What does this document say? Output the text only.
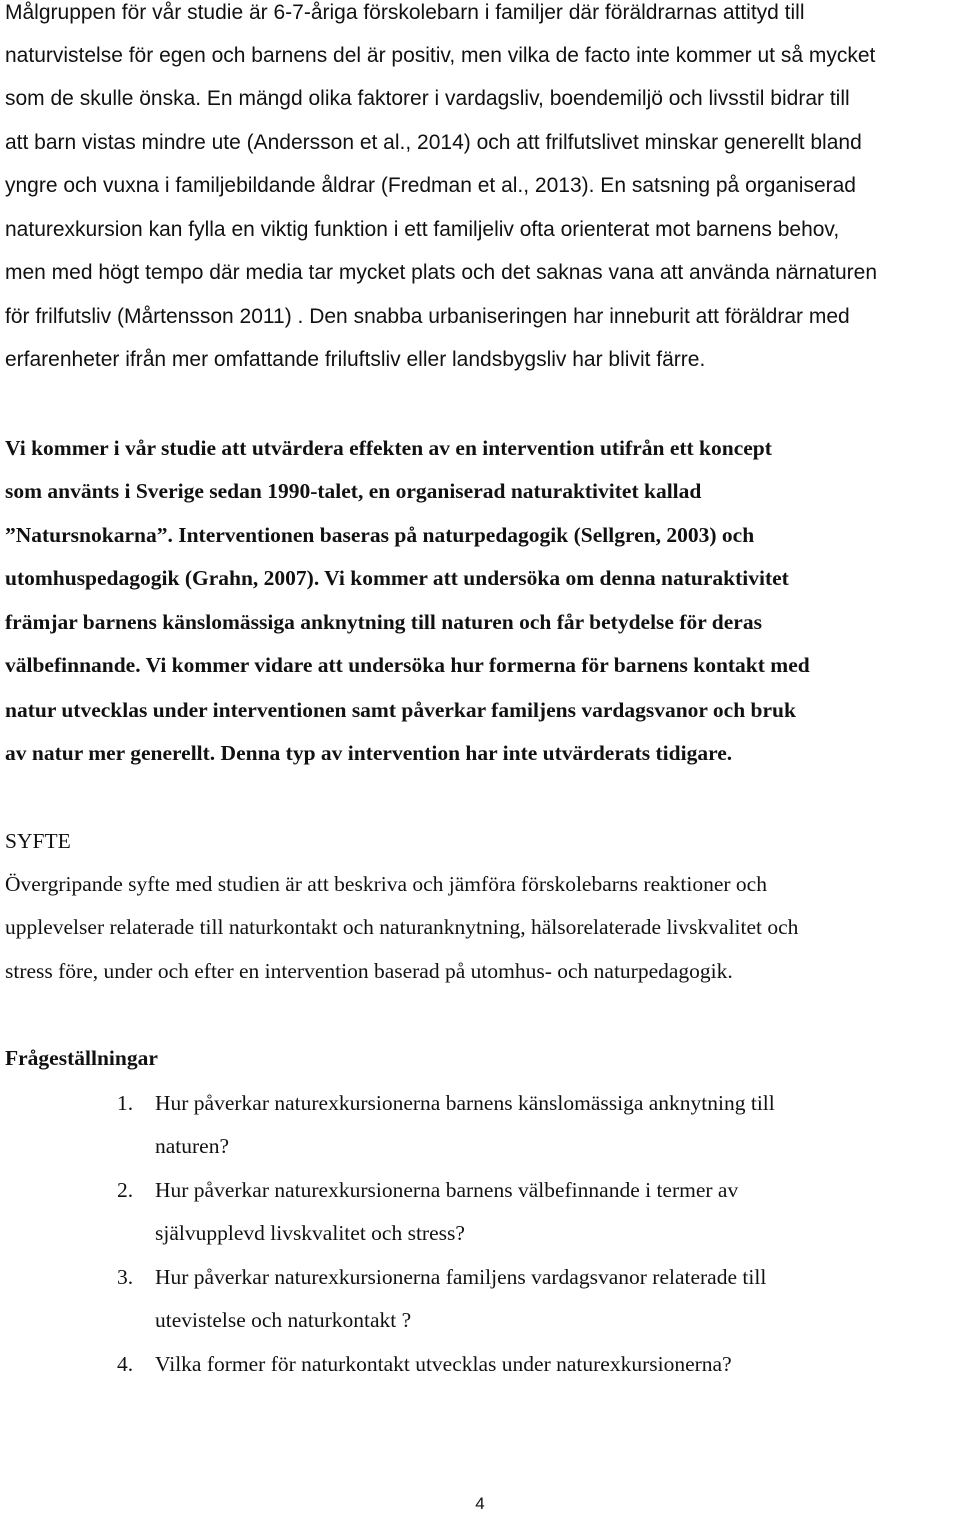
Målgruppen för vår studie är 6-7-åriga förskolebarn i familjer där föräldrarnas attityd till
naturvistelse för egen och barnens del är positiv, men vilka de facto inte kommer ut så mycket
som de skulle önska. En mängd olika faktorer i vardagsliv, boendemiljö och livsstil bidrar till
att barn vistas mindre ute (Andersson et al., 2014) och att frilfutslivet minskar generellt bland
yngre och vuxna i familjebildande åldrar (Fredman et al., 2013). En satsning på organiserad
naturexkursion kan fylla en viktig funktion i ett familjeliv ofta orienterat mot barnens behov,
men med högt tempo där media tar mycket plats och det saknas vana att använda närnaturen
för frilfutsliv (Mårtensson 2011) . Den snabba urbaniseringen har inneburit att föräldrar med
erfarenheter ifrån mer omfattande friluftsliv eller landsbygsliv har blivit färre.
Vi kommer i vår studie att utvärdera effekten av en intervention utifrån ett koncept
som använts i Sverige sedan 1990-talet, en organiserad naturaktivitet kallad
”Natursnokarna”. Interventionen baseras på naturpedagogik (Sellgren, 2003) och
utomhuspedagogik (Grahn, 2007). Vi kommer att undersöka om denna naturaktivitet
främjar barnens känslomässiga anknytning till naturen och får betydelse för deras
välbefinnande. Vi kommer vidare att undersöka hur formerna för barnens kontakt med
natur utvecklas under interventionen samt påverkar familjens vardagsvanor och bruk
av natur mer generellt. Denna typ av intervention har inte utvärderats tidigare.
SYFTE
Övergripande syfte med studien är att beskriva och jämföra förskolebarns reaktioner och
upplevelser relaterade till naturkontakt och naturanknytning, hälsorelaterade livskvalitet och
stress före, under och efter en intervention baserad på utomhus- och naturpedagogik.
Frågeställningar
1. Hur påverkar naturexkursionerna barnens känslomässiga anknytning till
naturen?
2. Hur påverkar naturexkursionerna barnens välbefinnande i termer av
självupplevd livskvalitet och stress?
3. Hur påverkar naturexkursionerna familjens vardagsvanor relaterade till
utevistelse och naturkontakt ?
4. Vilka former för naturkontakt utvecklas under naturexkursionerna?
4
